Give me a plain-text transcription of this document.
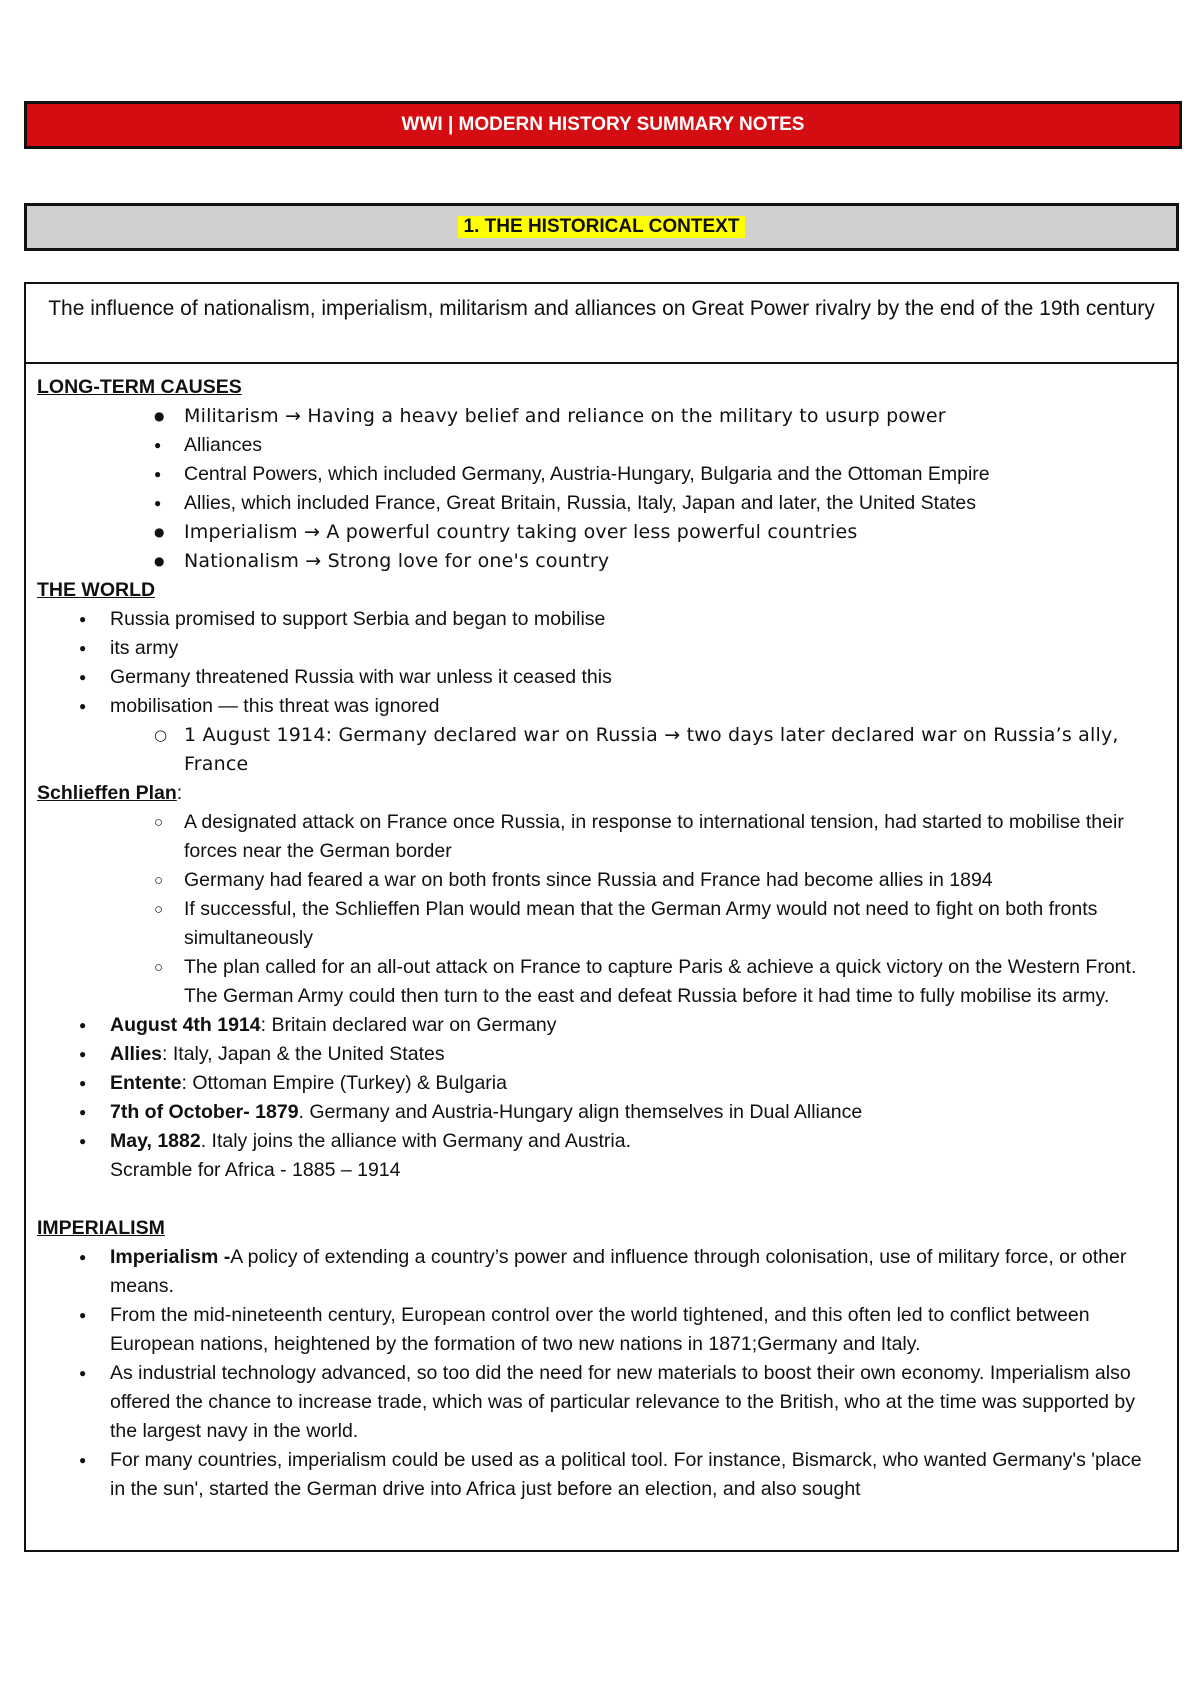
WWI | MODERN HISTORY SUMMARY NOTES
1. THE HISTORICAL CONTEXT
The influence of nationalism, imperialism, militarism and alliances on Great Power rivalry by the end of the 19th century
LONG-TERM CAUSES
● Militarism → Having a heavy belief and reliance on the military to usurp power
● Alliances
● Central Powers, which included Germany, Austria-Hungary, Bulgaria and the Ottoman Empire
● Allies, which included France, Great Britain, Russia, Italy, Japan and later, the United States
● Imperialism → A powerful country taking over less powerful countries
● Nationalism → Strong love for one's country
THE WORLD
● Russia promised to support Serbia and began to mobilise
● its army
● Germany threatened Russia with war unless it ceased this
● mobilisation — this threat was ignored
○ 1 August 1914: Germany declared war on Russia → two days later declared war on Russia’s ally, France
Schlieffen Plan:
○ A designated attack on France once Russia, in response to international tension, had started to mobilise their forces near the German border
○ Germany had feared a war on both fronts since Russia and France had become allies in 1894
○ If successful, the Schlieffen Plan would mean that the German Army would not need to fight on both fronts simultaneously
○ The plan called for an all-out attack on France to capture Paris & achieve a quick victory on the Western Front. The German Army could then turn to the east and defeat Russia before it had time to fully mobilise its army.
● August 4th 1914: Britain declared war on Germany
● Allies: Italy, Japan & the United States
● Entente: Ottoman Empire (Turkey) & Bulgaria
● 7th of October- 1879. Germany and Austria-Hungary align themselves in Dual Alliance
● May, 1882. Italy joins the alliance with Germany and Austria.
Scramble for Africa - 1885 – 1914
IMPERIALISM
● Imperialism -A policy of extending a country’s power and influence through colonisation, use of military force, or other means.
● From the mid-nineteenth century, European control over the world tightened, and this often led to conflict between European nations, heightened by the formation of two new nations in 1871;Germany and Italy.
● As industrial technology advanced, so too did the need for new materials to boost their own economy. Imperialism also offered the chance to increase trade, which was of particular relevance to the British, who at the time was supported by the largest navy in the world.
● For many countries, imperialism could be used as a political tool. For instance, Bismarck, who wanted Germany's 'place in the sun', started the German drive into Africa just before an election, and also sought
